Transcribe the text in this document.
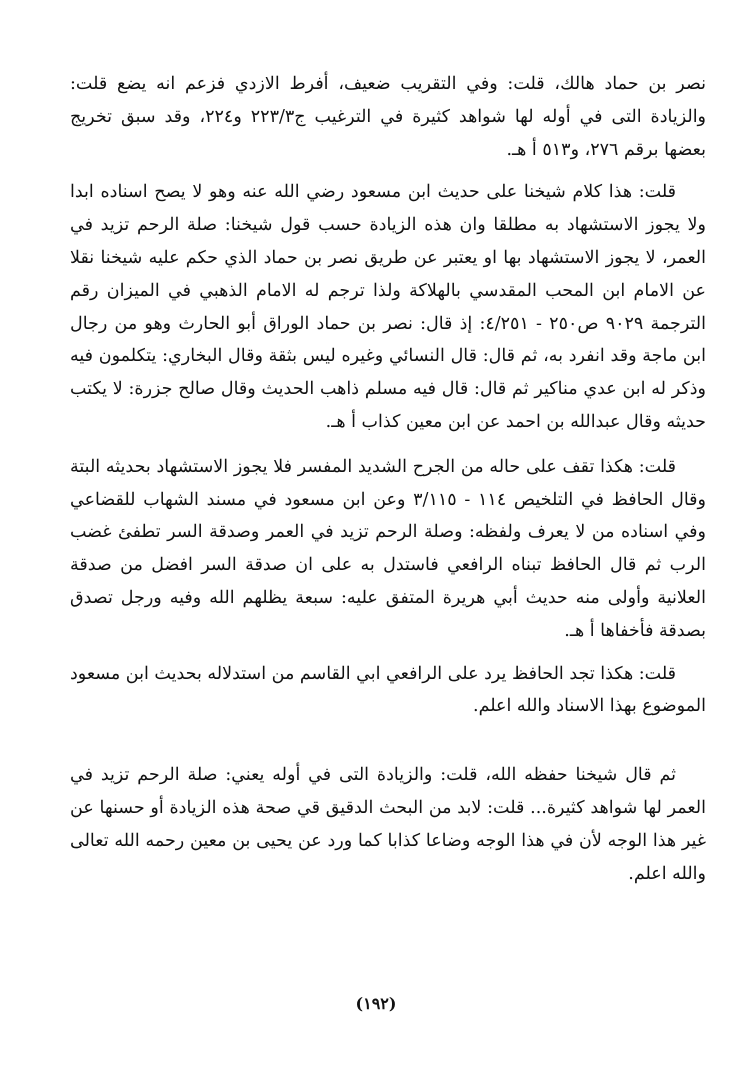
نصر بن حماد هالك، قلت: وفي التقريب ضعيف، أفرط الازدي فزعم انه يضع قلت: والزيادة التى في أوله لها شواهد كثيرة في الترغيب ج٢٢٣/٣ و٢٢٤، وقد سبق تخريج بعضها برقم ٢٧٦، و٥١٣ أ هـ.

قلت: هذا كلام شيخنا على حديث ابن مسعود رضي الله عنه وهو لا يصح اسناده ابدا ولا يجوز الاستشهاد به مطلقا وان هذه الزيادة حسب قول شيخنا: صلة الرحم تزيد في العمر، لا يجوز الاستشهاد بها او يعتبر عن طريق نصر بن حماد الذي حكم عليه شيخنا نقلا عن الامام ابن المحب المقدسي بالهلاكة ولذا ترجم له الامام الذهبي في الميزان رقم الترجمة ٩٠٢٩ ص٢٥٠ - ٤/٢٥١: إذ قال: نصر بن حماد الوراق أبو الحارث وهو من رجال ابن ماجة وقد انفرد به، ثم قال: قال النسائي وغيره ليس بثقة وقال البخاري: يتكلمون فيه وذكر له ابن عدي مناكير ثم قال: قال فيه مسلم ذاهب الحديث وقال صالح جزرة: لا يكتب حديثه وقال عبدالله بن احمد عن ابن معين كذاب أ هـ.

قلت: هكذا تقف على حاله من الجرح الشديد المفسر فلا يجوز الاستشهاد بحديثه البتة وقال الحافظ في التلخيص ١١٤ - ٣/١١٥ وعن ابن مسعود في مسند الشهاب للقضاعي وفي اسناده من لا يعرف ولفظه: وصلة الرحم تزيد في العمر وصدقة السر تطفئ غضب الرب ثم قال الحافظ تبناه الرافعي فاستدل به على ان صدقة السر افضل من صدقة العلانية وأولى منه حديث أبي هريرة المتفق عليه: سبعة يظلهم الله وفيه ورجل تصدق بصدقة فأخفاها أ هـ.

قلت: هكذا تجد الحافظ يرد على الرافعي ابي القاسم من استدلاله بحديث ابن مسعود الموضوع بهذا الاسناد والله اعلم.

ثم قال شيخنا حفظه الله، قلت: والزيادة التى في أوله يعني: صلة الرحم تزيد في العمر لها شواهد كثيرة... قلت: لابد من البحث الدقيق قي صحة هذه الزيادة أو حسنها عن غير هذا الوجه لأن في هذا الوجه وضاعا كذابا كما ورد عن يحيى بن معين رحمه الله تعالى والله اعلم.

(١٩٢)
